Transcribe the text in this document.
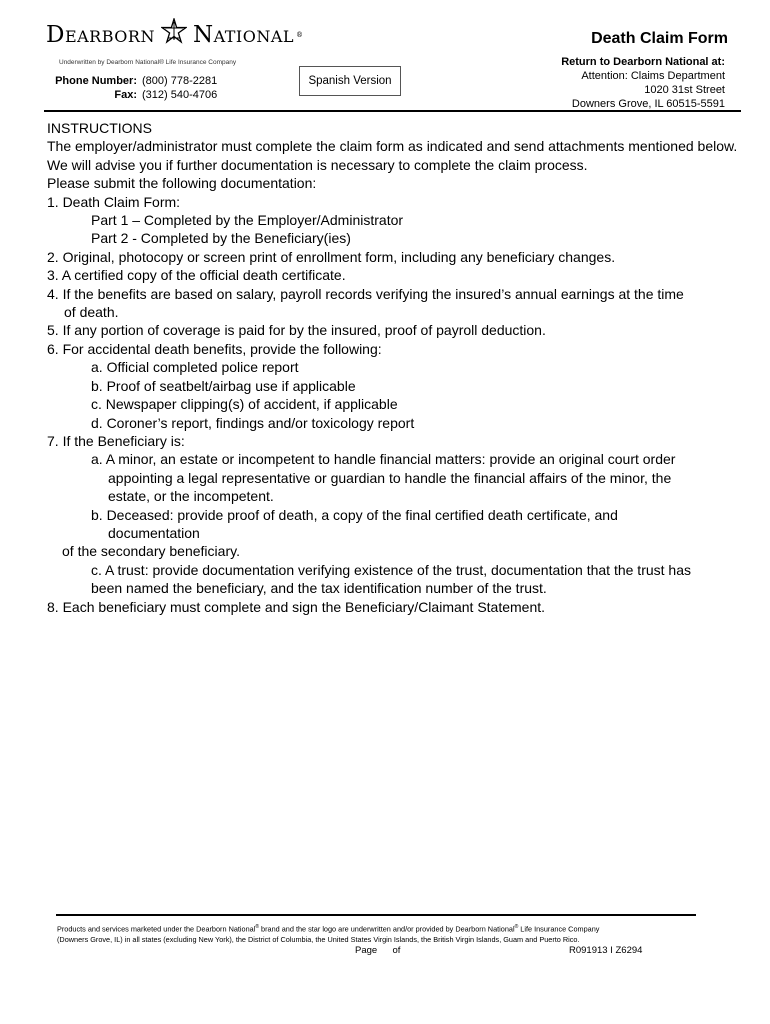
Dearborn National ®
Underwritten by Dearborn National® Life Insurance Company
Phone Number: (800) 778-2281
Fax: (312) 540-4706
Spanish Version
Death Claim Form
Return to Dearborn National at:
Attention: Claims Department
1020 31st Street
Downers Grove, IL 60515-5591

INSTRUCTIONS

The employer/administrator must complete the claim form as indicated and send attachments mentioned below. We will advise you if further documentation is necessary to complete the claim process.

Please submit the following documentation:

1. Death Claim Form:

Part 1 – Completed by the Employer/Administrator

Part 2 - Completed by the Beneficiary(ies)

2. Original, photocopy or screen print of enrollment form, including any beneficiary changes.

3. A certified copy of the official death certificate.

4. If the benefits are based on salary, payroll records verifying the insured’s annual earnings at the time

of death.

5. If any portion of coverage is paid for by the insured, proof of payroll deduction.

6. For accidental death benefits, provide the following:

a. Official completed police report

b. Proof of seatbelt/airbag use if applicable

c. Newspaper clipping(s) of accident, if applicable

d. Coroner’s report, findings and/or toxicology report

7. If the Beneficiary is:

a. A minor, an estate or incompetent to handle financial matters: provide an original court order

appointing a legal representative or guardian to handle the financial affairs of the minor, the

estate, or the incompetent.

b. Deceased: provide proof of death, a copy of the final certified death certificate, and

documentation

of the secondary beneficiary.

c. A trust: provide documentation verifying existence of the trust, documentation that the trust has

been named the beneficiary, and the tax identification number of the trust.

8. Each beneficiary must complete and sign the Beneficiary/Claimant Statement.

Products and services marketed under the Dearborn National® brand and the star logo are underwritten and/or provided by Dearborn National® Life Insurance Company
(Downers Grove, IL) in all states (excluding New York), the District of Columbia, the United States Virgin Islands, the British Virgin Islands, Guam and Puerto Rico.
Page of	R091913 I Z6294
